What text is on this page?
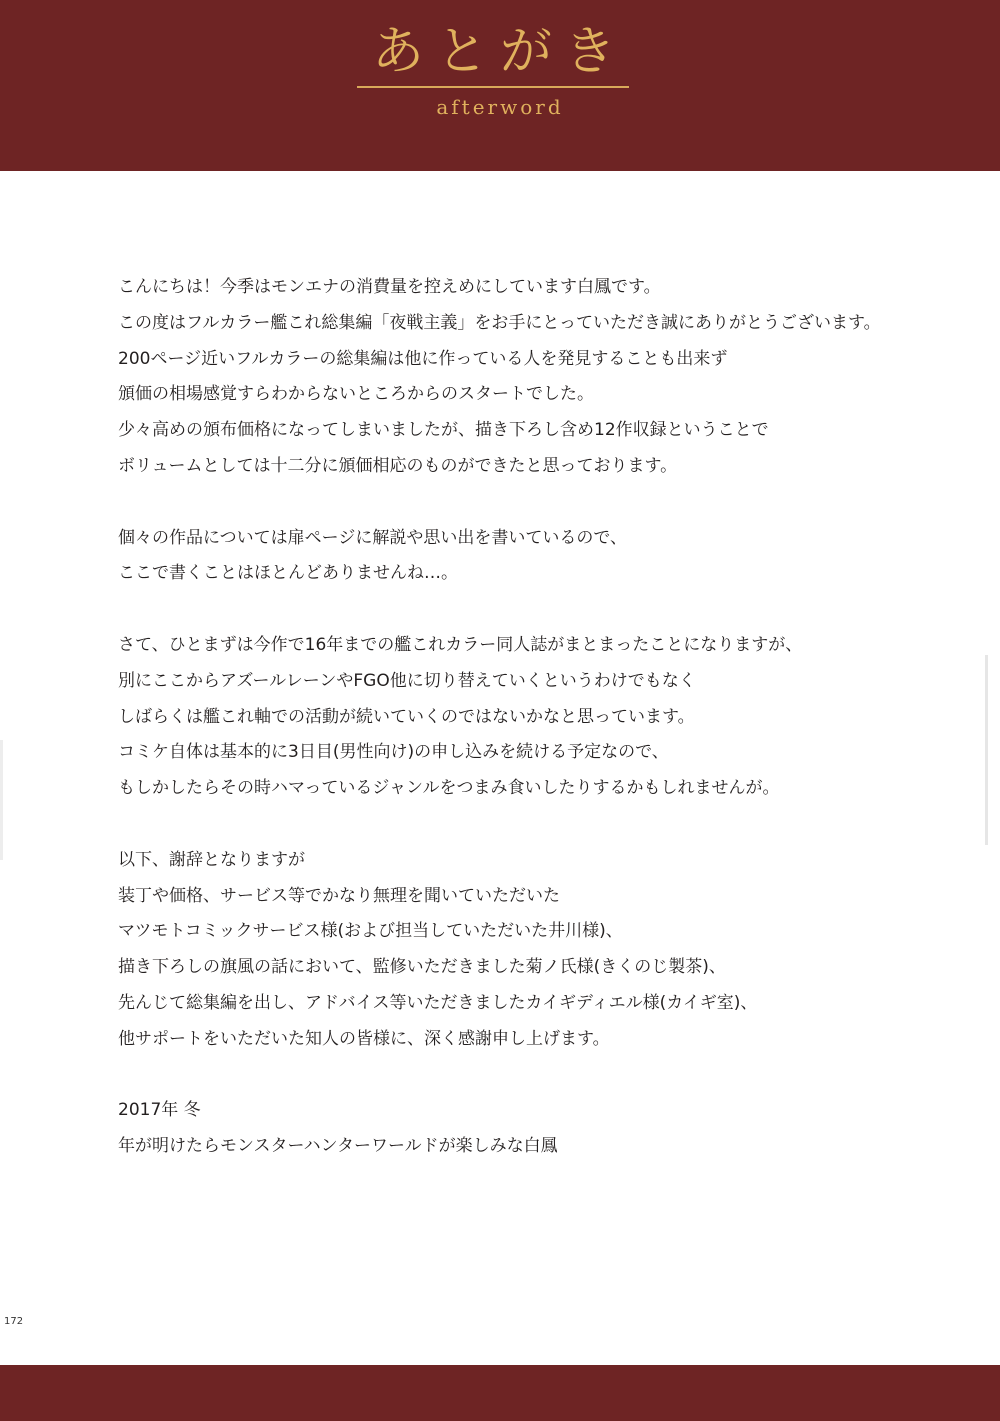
あとがき
afterword
こんにちは！今季はモンエナの消費量を控えめにしています白鳳です。
この度はフルカラー艦これ総集編「夜戦主義」をお手にとっていただき誠にありがとうございます。
200ページ近いフルカラーの総集編は他に作っている人を発見することも出来ず
頒価の相場感覚すらわからないところからのスタートでした。
少々高めの頒布価格になってしまいましたが、描き下ろし含め12作収録ということで
ボリュームとしては十二分に頒価相応のものができたと思っております。
個々の作品については扉ページに解説や思い出を書いているので、
ここで書くことはほとんどありませんね…。
さて、ひとまずは今作で16年までの艦これカラー同人誌がまとまったことになりますが、
別にここからアズールレーンやFGO他に切り替えていくというわけでもなく
しばらくは艦これ軸での活動が続いていくのではないかなと思っています。
コミケ自体は基本的に3日目(男性向け)の申し込みを続ける予定なので、
もしかしたらその時ハマっているジャンルをつまみ食いしたりするかもしれませんが。
以下、謝辞となりますが
装丁や価格、サービス等でかなり無理を聞いていただいた
マツモトコミックサービス様(および担当していただいた井川様)、
描き下ろしの旗風の話において、監修いただきました菊ノ氏様(きくのじ製茶)、
先んじて総集編を出し、アドバイス等いただきましたカイギディエル様(カイギ室)、
他サポートをいただいた知人の皆様に、深く感謝申し上げます。
2017年 冬
年が明けたらモンスターハンターワールドが楽しみな白鳳
172
